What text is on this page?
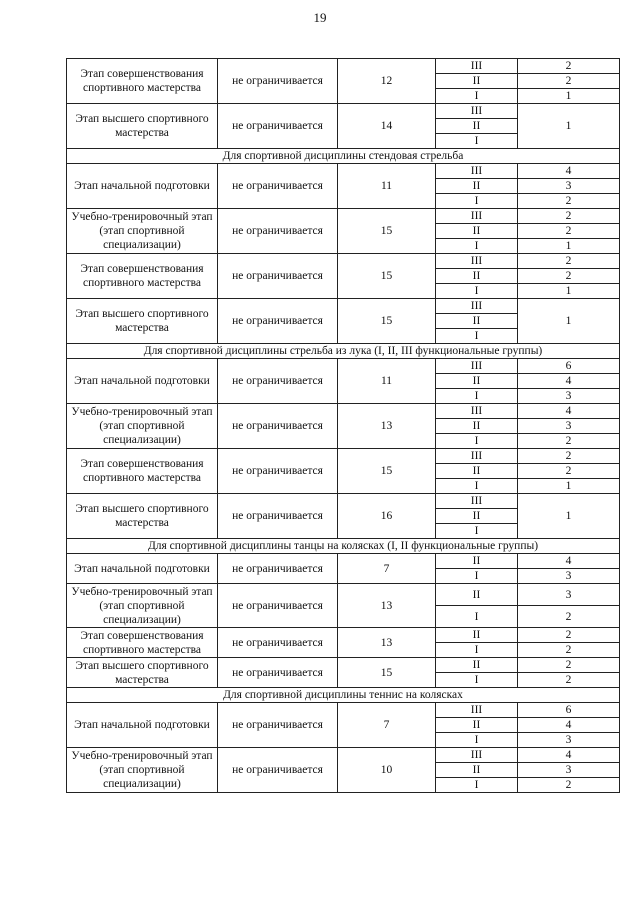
19
Этап совершенствования спортивного мастерства	не ограничивается	12	III	2
			II	2
			I	1
Этап высшего спортивного мастерства	не ограничивается	14	III	1
			II	
			I	
Для спортивной дисциплины стендовая стрельба				
Этап начальной подготовки	не ограничивается	11	III	4
			II	3
			I	2
Учебно-тренировочный этап (этап спортивной специализации)	не ограничивается	15	III	2
			II	2
			I	1
Этап совершенствования спортивного мастерства	не ограничивается	15	III	2
			II	2
			I	1
Этап высшего спортивного мастерства	не ограничивается	15	III	1
			II	
			I	
Для спортивной дисциплины стрельба из лука (I, II, III функциональные группы)				
Этап начальной подготовки	не ограничивается	11	III	6
			II	4
			I	3
Учебно-тренировочный этап (этап спортивной специализации)	не ограничивается	13	III	4
			II	3
			I	2
Этап совершенствования спортивного мастерства	не ограничивается	15	III	2
			II	2
			I	1
Этап высшего спортивного мастерства	не ограничивается	16	III	1
			II	
			I	
Для спортивной дисциплины танцы на колясках (I, II функциональные группы)				
Этап начальной подготовки	не ограничивается	7	II	4
			I	3
Учебно-тренировочный этап (этап спортивной специализации)	не ограничивается	13	II	3
			I	2
Этап совершенствования спортивного мастерства	не ограничивается	13	II	2
			I	2
Этап высшего спортивного мастерства	не ограничивается	15	II	2
			I	2
Для спортивной дисциплины теннис на колясках				
Этап начальной подготовки	не ограничивается	7	III	6
			II	4
			I	3
Учебно-тренировочный этап (этап спортивной специализации)	не ограничивается	10	III	4
			II	3
			I	2
